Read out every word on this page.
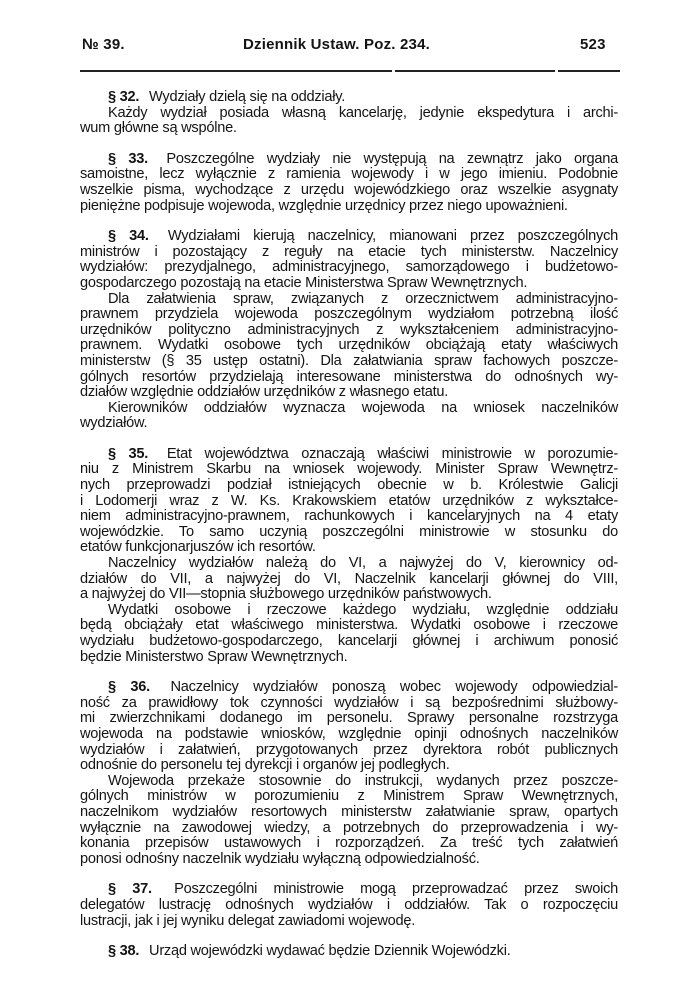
№ 39.	Dziennik Ustaw. Poz. 234.	523
§ 32. Wydziały dzielą się na oddziały.
Każdy wydział posiada własną kancelarję, jedynie ekspedytura i archi-
wum główne są wspólne.
§ 33. Poszczególne wydziały nie występują na zewnątrz jako organa
samoistne, lecz wyłącznie z ramienia wojewody i w jego imieniu. Podobnie
wszelkie pisma, wychodzące z urzędu wojewódzkiego oraz wszelkie asygnaty
pieniężne podpisuje wojewoda, względnie urzędnicy przez niego upoważnieni.
§ 34. Wydziałami kierują naczelnicy, mianowani przez poszczególnych
ministrów i pozostający z reguły na etacie tych ministerstw. Naczelnicy
wydziałów: prezydjalnego, administracyjnego, samorządowego i budżetowo-
gospodarczego pozostają na etacie Ministerstwa Spraw Wewnętrznych.
Dla załatwienia spraw, związanych z orzecznictwem administracyjno-
prawnem przydziela wojewoda poszczególnym wydziałom potrzebną ilość
urzędników polityczno administracyjnych z wykształceniem administracyjno-
prawnem. Wydatki osobowe tych urzędników obciążają etaty właściwych
ministerstw (§ 35 ustęp ostatni). Dla załatwiania spraw fachowych poszcze-
gólnych resortów przydzielają interesowane ministerstwa do odnośnych wy-
działów względnie oddziałów urzędników z własnego etatu.
Kierowników oddziałów wyznacza wojewoda na wniosek naczelników
wydziałów.
§ 35. Etat województwa oznaczają właściwi ministrowie w porozumie-
niu z Ministrem Skarbu na wniosek wojewody. Minister Spraw Wewnętrz-
nych przeprowadzi podział istniejących obecnie w b. Królestwie Galicji
i Lodomerji wraz z W. Ks. Krakowskiem etatów urzędników z wykształce-
niem administracyjno-prawnem, rachunkowych i kancelaryjnych na 4 etaty
wojewódzkie. To samo uczynią poszczególni ministrowie w stosunku do
etatów funkcjonarjuszów ich resortów.
Naczelnicy wydziałów należą do VI, a najwyżej do V, kierownicy od-
działów do VII, a najwyżej do VI, Naczelnik kancelarji głównej do VIII,
a najwyżej do VII—stopnia służbowego urzędników państwowych.
Wydatki osobowe i rzeczowe każdego wydziału, względnie oddziału
będą obciążały etat właściwego ministerstwa. Wydatki osobowe i rzeczowe
wydziału budżetowo-gospodarczego, kancelarji głównej i archiwum ponosić
będzie Ministerstwo Spraw Wewnętrznych.
§ 36. Naczelnicy wydziałów ponoszą wobec wojewody odpowiedzial-
ność za prawidłowy tok czynności wydziałów i są bezpośrednimi służbowy-
mi zwierzchnikami dodanego im personelu. Sprawy personalne rozstrzyga
wojewoda na podstawie wniosków, względnie opinji odnośnych naczelników
wydziałów i załatwień, przygotowanych przez dyrektora robót publicznych
odnośnie do personelu tej dyrekcji i organów jej podległych.
Wojewoda przekaże stosownie do instrukcji, wydanych przez poszcze-
gólnych ministrów w porozumieniu z Ministrem Spraw Wewnętrznych,
naczelnikom wydziałów resortowych ministerstw załatwianie spraw, opartych
wyłącznie na zawodowej wiedzy, a potrzebnych do przeprowadzenia i wy-
konania przepisów ustawowych i rozporządzeń. Za treść tych załatwień
ponosi odnośny naczelnik wydziału wyłączną odpowiedzialność.
§ 37. Poszczególni ministrowie mogą przeprowadzać przez swoich
delegatów lustrację odnośnych wydziałów i oddziałów. Tak o rozpoczęciu
lustracji, jak i jej wyniku delegat zawiadomi wojewodę.
§ 38. Urząd wojewódzki wydawać będzie Dziennik Wojewódzki.
